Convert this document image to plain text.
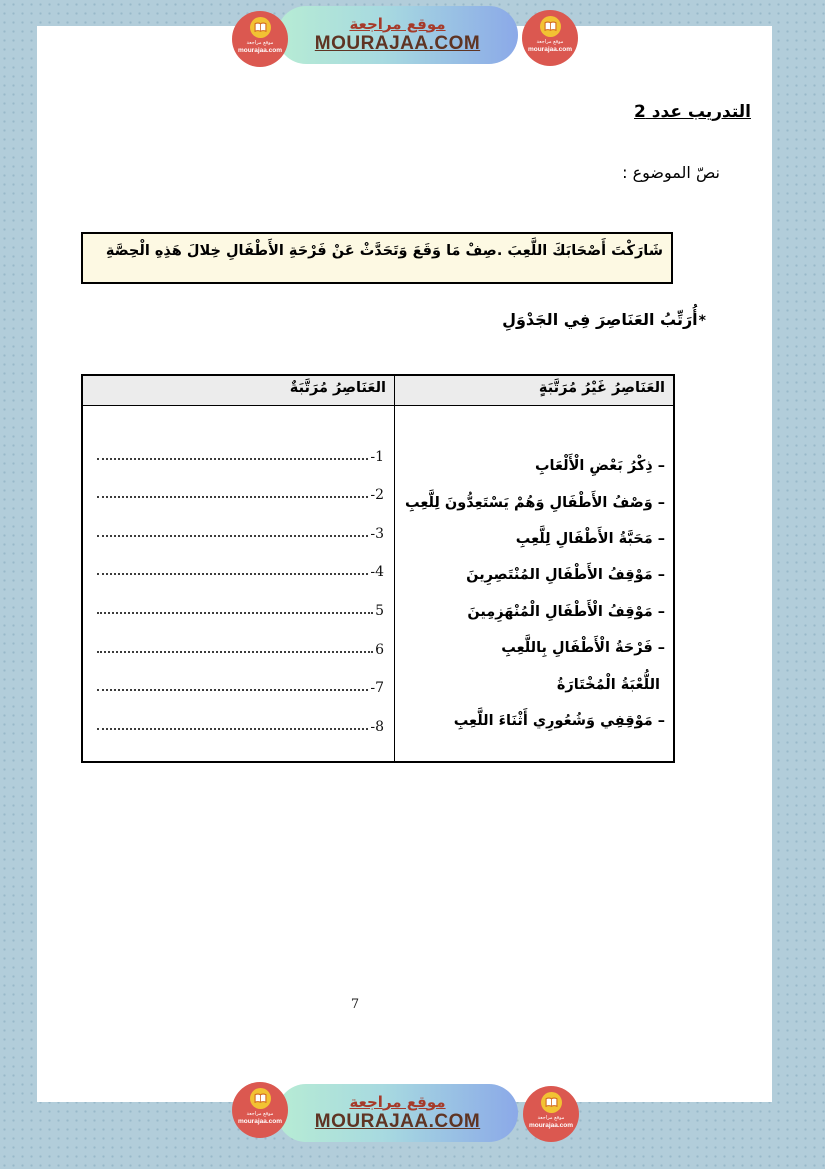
موقع مراجعة
MOURAJAA.COM
موقع مراجعة
mourajaa.com
موقع مراجعة
mourajaa.com
التدريب عدد 2
نصّ الموضوع :
شَارَكْتَ أَصْحَابَكَ اللَّعِبَ .صِفْ مَا وَقَعَ وَتَحَدَّثْ عَنْ فَرْحَةِ الأَطْفَالِ خِلالَ هَذِهِ الْحِصَّةِ
*أُرَتِّبُ العَنَاصِرَ فِي الجَدْوَلِ
العَنَاصِرُ غَيْرُ مُرَتَّبَةٍ
العَنَاصِرُ مُرَتَّبَةٌ
–
ذِكْرُ بَعْضِ الْأَلْعَابِ
–
وَصْفُ الأَطْفَالِ وَهُمْ يَسْتَعِدُّونَ لِلَّعِبِ
–
مَحَبَّةُ الأَطْفَالِ لِلَّعِبِ
–
مَوْقِفُ الأَطْفَالِ المُنْتَصِرِينَ
–
مَوْقِفُ الْأَطْفَالِ الْمُنْهَزِمِينَ
–
فَرْحَةُ الْأَطْفَالِ بِاللَّعِبِ
اللُّعْبَةُ الْمُخْتَارَةُ
–
مَوْقِفِي وَشُعُورِي أَثْنَاءَ اللَّعِبِ
-1
-2
-3
-4
5
6
-7
-8
7
موقع مراجعة
MOURAJAA.COM
موقع مراجعة
mourajaa.com	موقع مراجعة
mourajaa.com
